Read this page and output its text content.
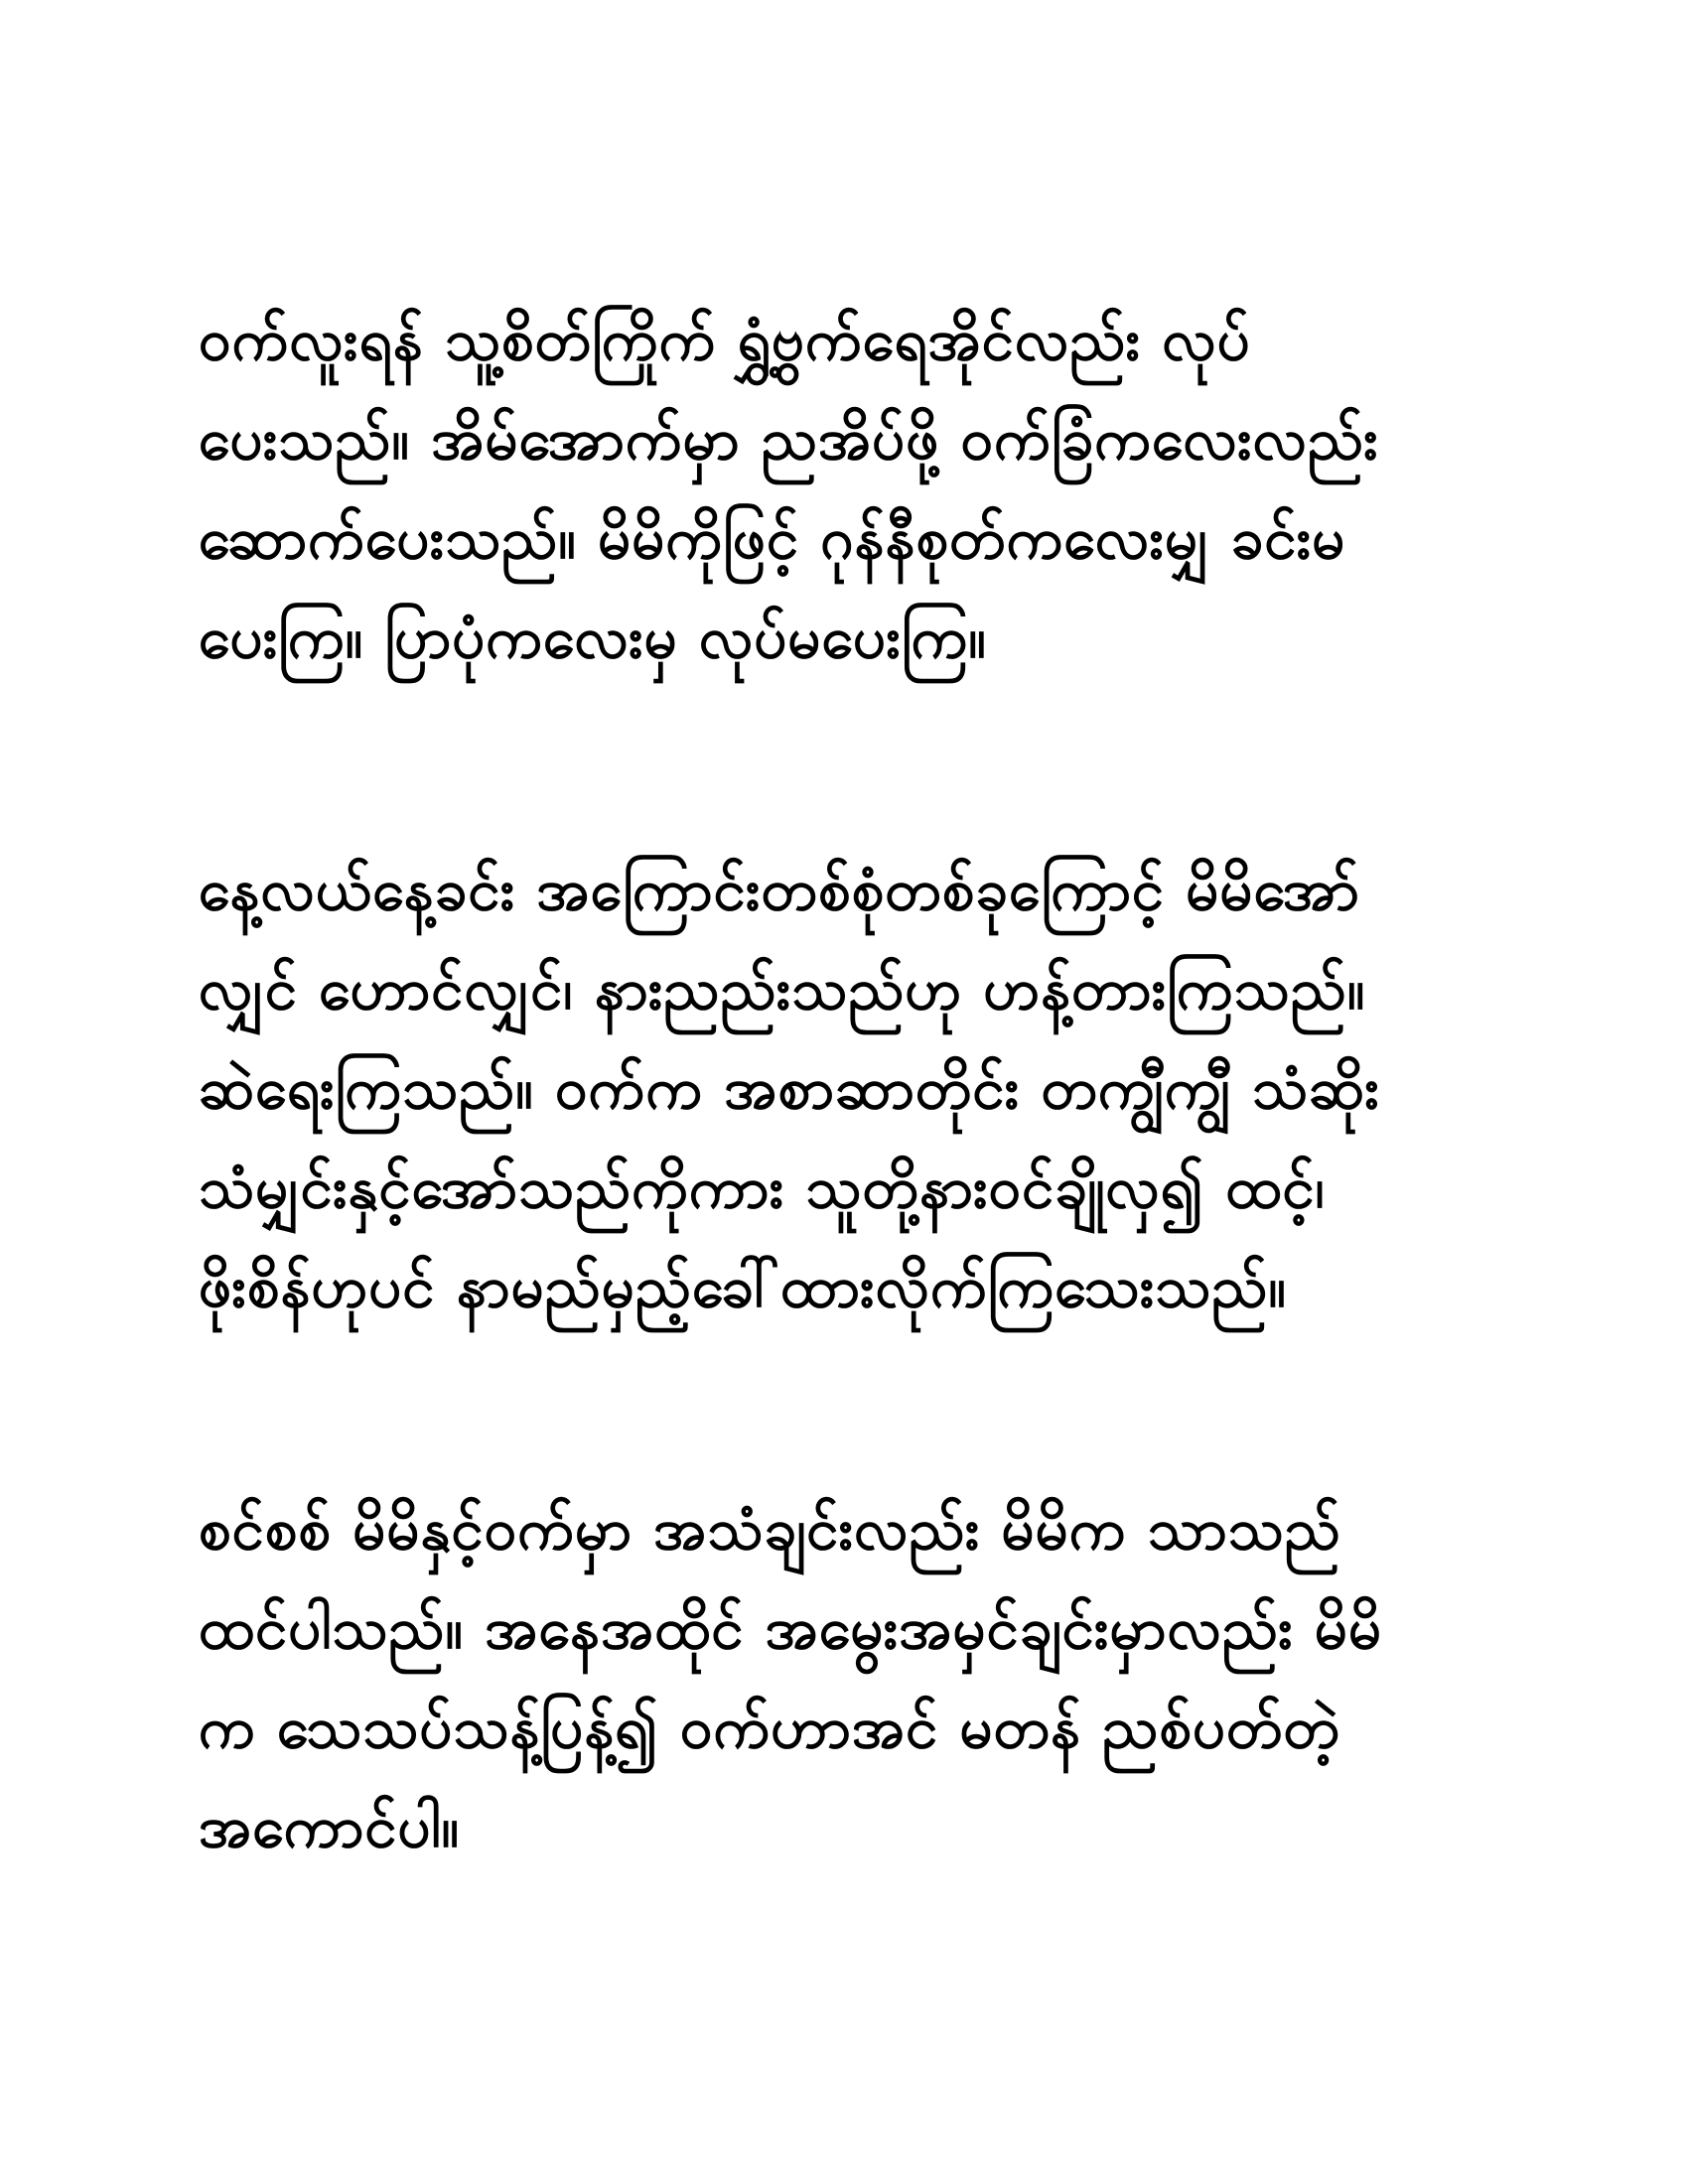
ဝက်လူးရန် သူ့စိတ်ကြိုက် ရွှံ့ဗွက်ရေအိုင်လည်း လုပ်
ပေးသည်။ အိမ်အောက်မှာ ညအိပ်ဖို့ ဝက်ခြံကလေးလည်း
ဆောက်ပေးသည်။ မိမိကိုဖြင့် ဂုန်နီစုတ်ကလေးမျှ ခင်းမ
ပေးကြ။ ပြာပုံကလေးမှ လုပ်မပေးကြ။
နေ့လယ်နေ့ခင်း အကြောင်းတစ်စုံတစ်ခုကြောင့် မိမိအော်
လျှင် ဟောင်လျှင်၊ နားညည်းသည်ဟု ဟန့်တားကြသည်။
ဆဲရေးကြသည်။ ဝက်က အစာဆာတိုင်း တကျွီကျွီ သံဆိုး
သံမျှင်းနှင့်အော်သည်ကိုကား သူတို့နားဝင်ချိုလှ၍ ထင့်၊
ဖိုးစိန်ဟုပင် နာမည်မှည့်ခေါ်ထားလိုက်ကြသေးသည်။
စင်စစ် မိမိနှင့်ဝက်မှာ အသံချင်းလည်း မိမိက သာသည်
ထင်ပါသည်။ အနေအထိုင် အမွေးအမှင်ချင်းမှာလည်း မိမိ
က သေသပ်သန့်ပြန့်၍ ဝက်ဟာအင် မတန် ညစ်ပတ်တဲ့
အကောင်ပါ။
